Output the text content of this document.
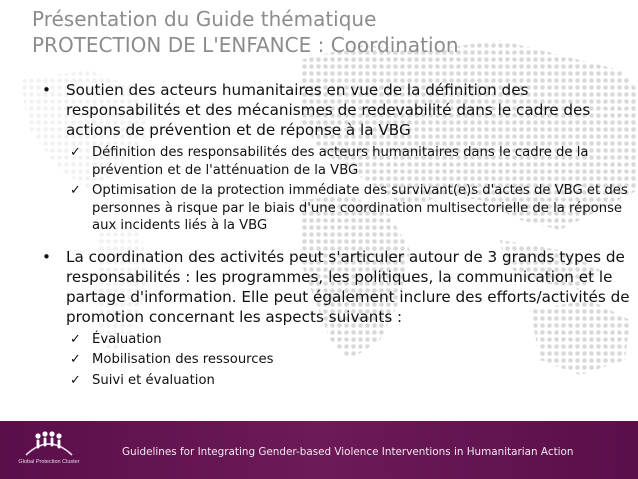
Présentation du Guide thématique
PROTECTION DE L'ENFANCE : Coordination

• Soutien des acteurs humanitaires en vue de la définition des responsabilités et des mécanismes de redevabilité dans le cadre des actions de prévention et de réponse à la VBG

✓ Définition des responsabilités des acteurs humanitaires dans le cadre de la prévention et de l'atténuation de la VBG
✓ Optimisation de la protection immédiate des survivant(e)s d'actes de VBG et des personnes à risque par le biais d'une coordination multisectorielle de la réponse aux incidents liés à la VBG

• La coordination des activités peut s'articuler autour de 3 grands types de responsabilités : les programmes, les politiques, la communication et le partage d'information. Elle peut également inclure des efforts/activités de promotion concernant les aspects suivants :

✓ Évaluation
✓ Mobilisation des ressources
✓ Suivi et évaluation
Global Protection Cluster
Guidelines for Integrating Gender-based Violence Interventions in Humanitarian Action
